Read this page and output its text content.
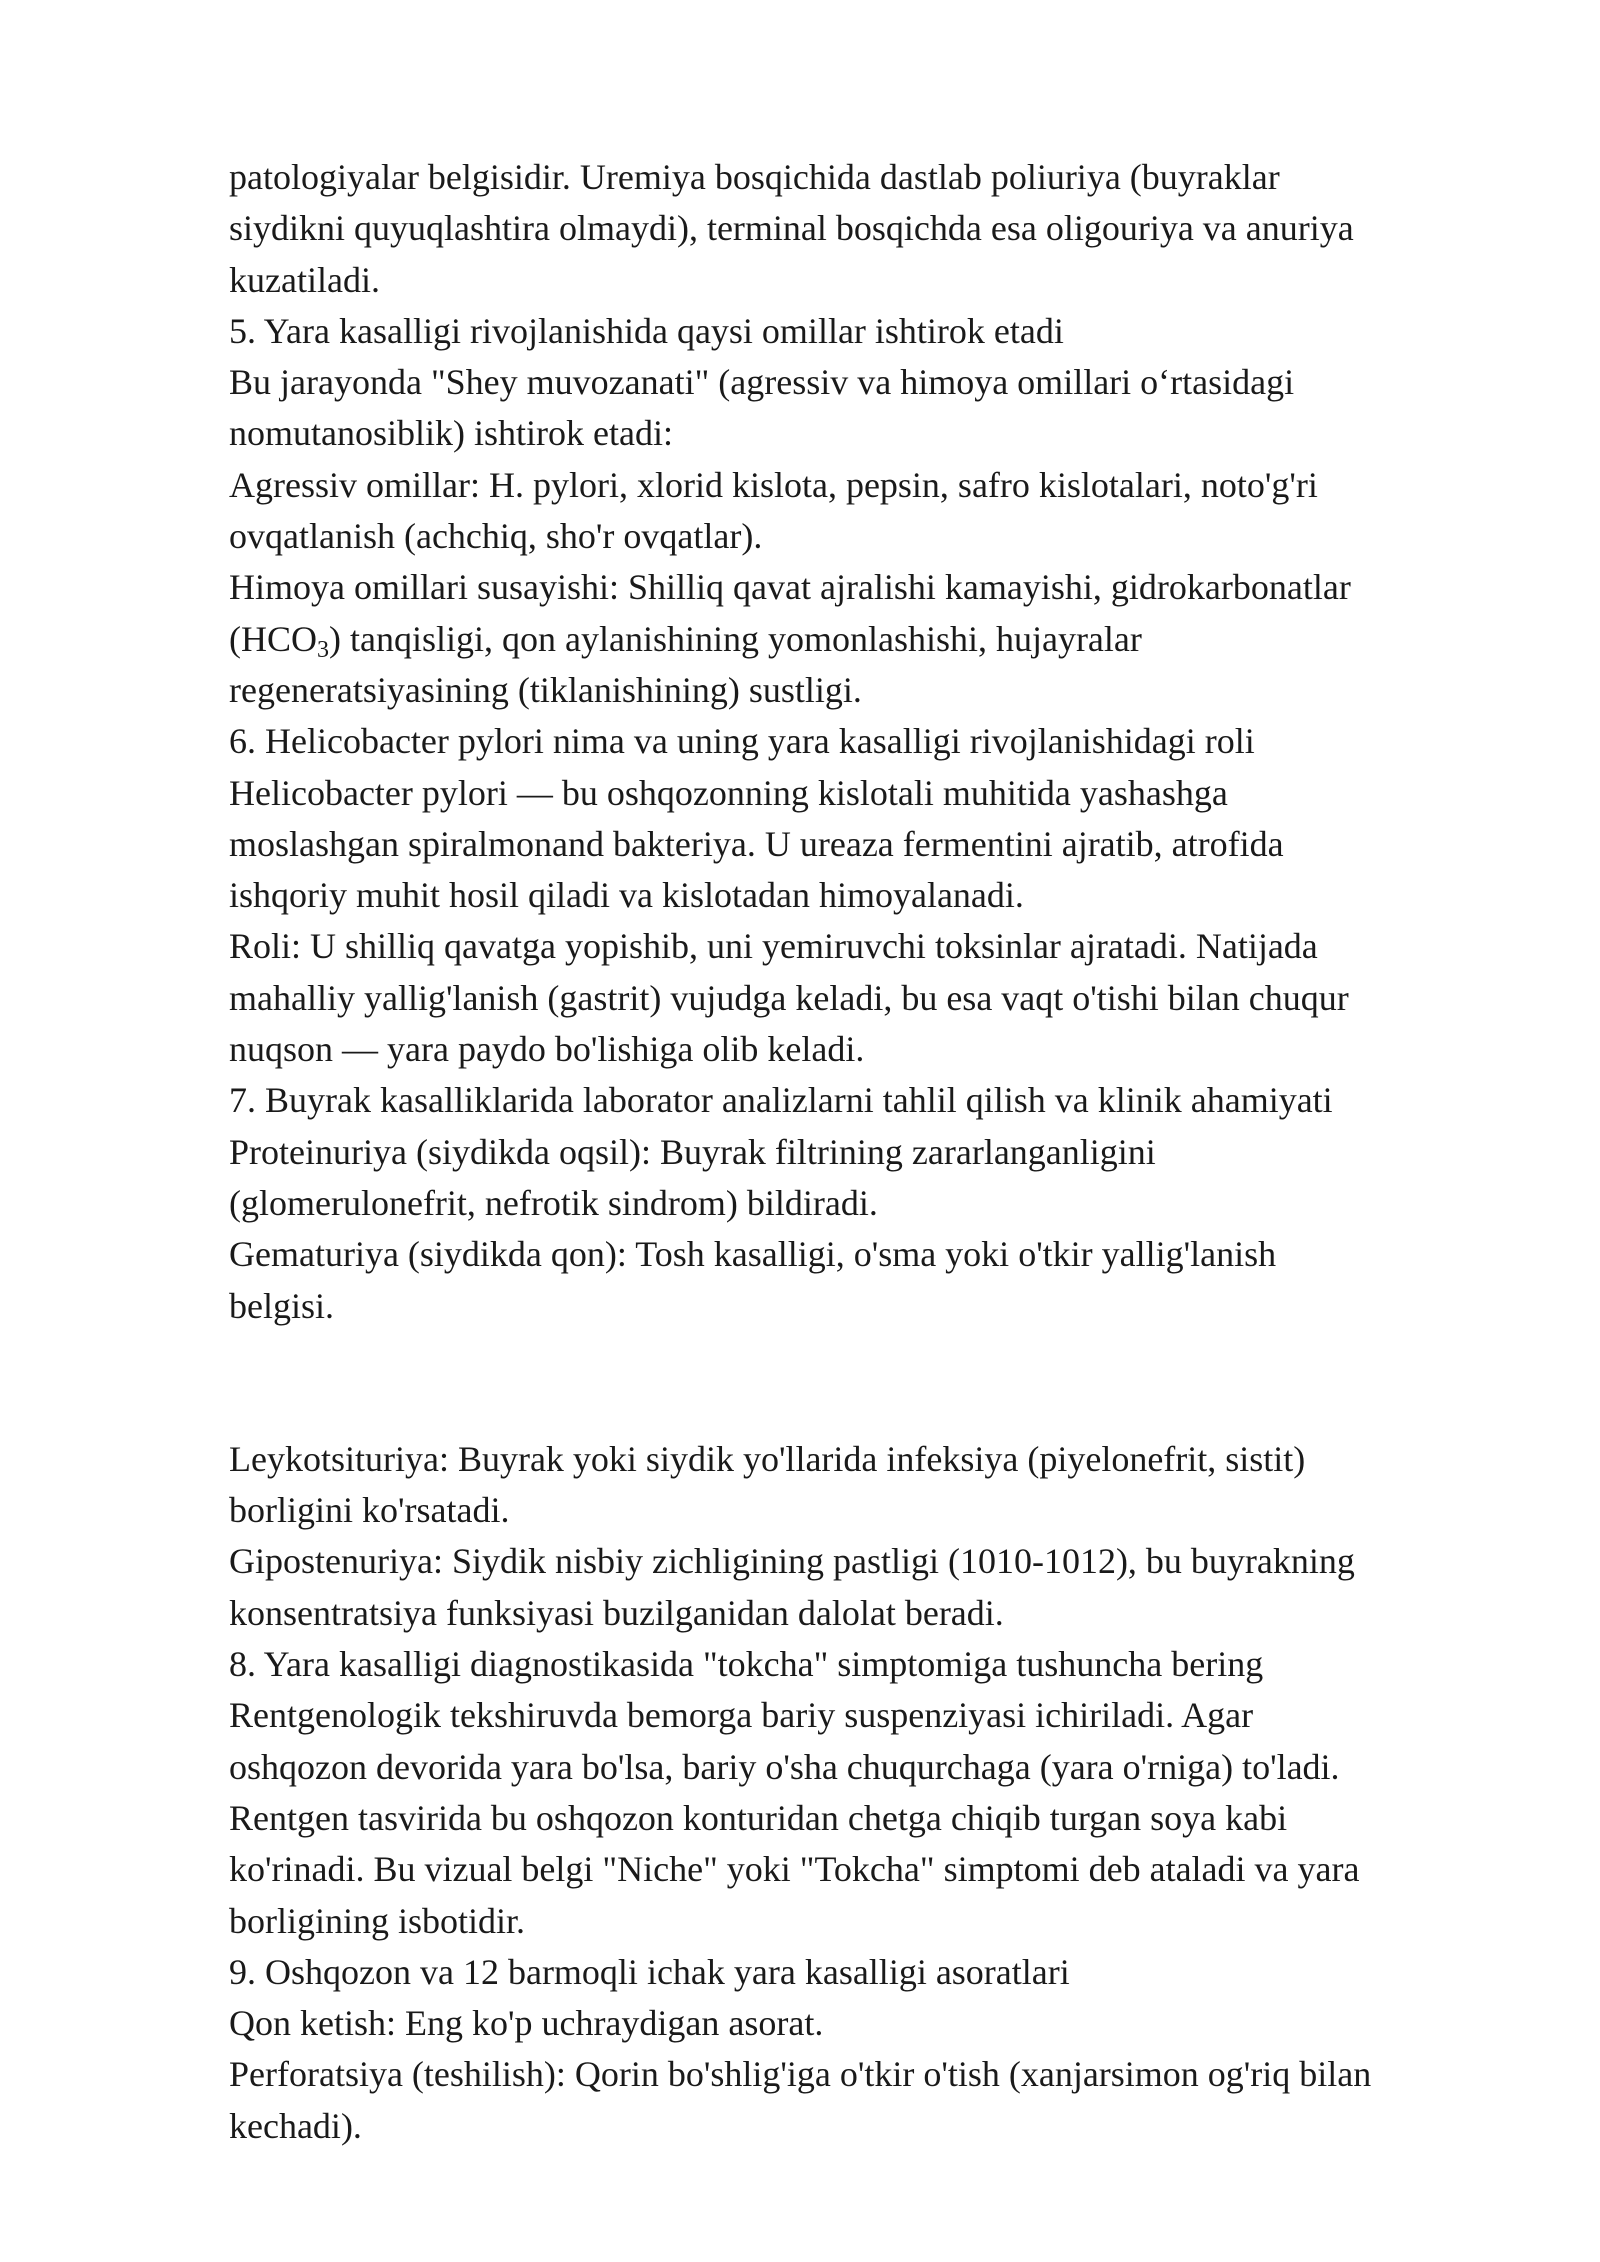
patologiyalar belgisidir. Uremiya bosqichida dastlab poliuriya (buyraklar
siydikni quyuqlashtira olmaydi), terminal bosqichda esa oligouriya va anuriya
kuzatiladi.
5. Yara kasalligi rivojlanishida qaysi omillar ishtirok etadi
Bu jarayonda "Shey muvozanati" (agressiv va himoya omillari o‘rtasidagi
nomutanosiblik) ishtirok etadi:
Agressiv omillar: H. pylori, xlorid kislota, pepsin, safro kislotalari, noto'g'ri
ovqatlanish (achchiq, sho'r ovqatlar).
Himoya omillari susayishi: Shilliq qavat ajralishi kamayishi, gidrokarbonatlar
$(HCO_3)$ tanqisligi, qon aylanishining yomonlashishi, hujayralar
regeneratsiyasining (tiklanishining) sustligi.
6. Helicobacter pylori nima va uning yara kasalligi rivojlanishidagi roli
Helicobacter pylori — bu oshqozonning kislotali muhitida yashashga
moslashgan spiralmonand bakteriya. U ureaza fermentini ajratib, atrofida
ishqoriy muhit hosil qiladi va kislotadan himoyalanadi.
Roli: U shilliq qavatga yopishib, uni yemiruvchi toksinlar ajratadi. Natijada
mahalliy yallig'lanish (gastrit) vujudga keladi, bu esa vaqt o'tishi bilan chuqur
nuqson — yara paydo bo'lishiga olib keladi.
7. Buyrak kasalliklarida laborator analizlarni tahlil qilish va klinik ahamiyati
Proteinuriya (siydikda oqsil): Buyrak filtrining zararlanganligini
(glomerulonefrit, nefrotik sindrom) bildiradi.
Gematuriya (siydikda qon): Tosh kasalligi, o'sma yoki o'tkir yallig'lanish
belgisi.
Leykotsituriya: Buyrak yoki siydik yo'llarida infeksiya (piyelonefrit, sistit)
borligini ko'rsatadi.
Gipostenuriya: Siydik nisbiy zichligining pastligi (1010-1012), bu buyrakning
konsentratsiya funksiyasi buzilganidan dalolat beradi.
8. Yara kasalligi diagnostikasida "tokcha" simptomiga tushuncha bering
Rentgenologik tekshiruvda bemorga bariy suspenziyasi ichiriladi. Agar
oshqozon devorida yara bo'lsa, bariy o'sha chuqurchaga (yara o'rniga) to'ladi.
Rentgen tasvirida bu oshqozon konturidan chetga chiqib turgan soya kabi
ko'rinadi. Bu vizual belgi "Niche" yoki "Tokcha" simptomi deb ataladi va yara
borligining isbotidir.
9. Oshqozon va 12 barmoqli ichak yara kasalligi asoratlari
Qon ketish: Eng ko'p uchraydigan asorat.
Perforatsiya (teshilish): Qorin bo'shlig'iga o'tkir o'tish (xanjarsimon og'riq bilan
kechadi).
